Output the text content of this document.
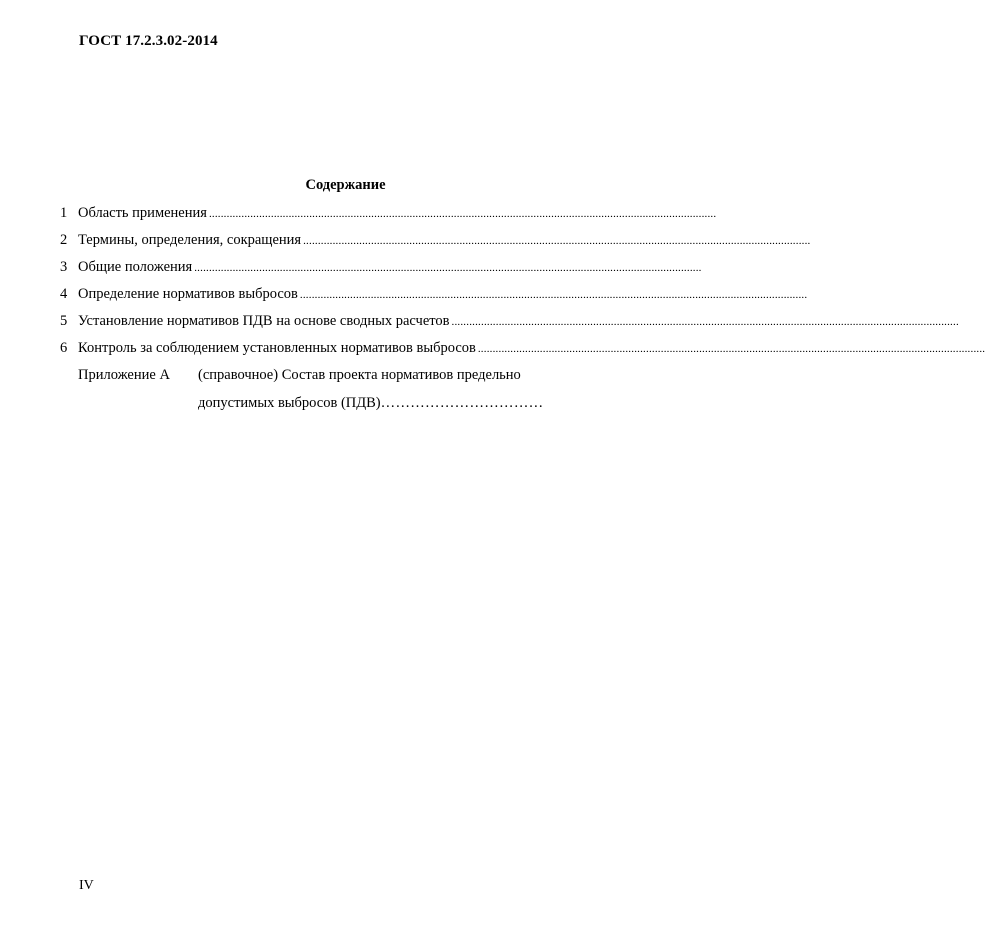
ГОСТ 17.2.3.02-2014
Содержание
1 Область применения ............................................................................................................................................................................
2 Термины, определения, сокращения ............................................................................................................................................................................
3 Общие положения ............................................................................................................................................................................
4 Определение нормативов выбросов ............................................................................................................................................................................
5 Установление нормативов ПДВ на основе сводных расчетов ............................................................................................................................................................................
6 Контроль за соблюдением установленных нормативов выбросов ............................................................................................................................................................................
Приложение А (справочное) Состав проекта нормативов предельно
допустимых выбросов (ПДВ)……………………………
IV
